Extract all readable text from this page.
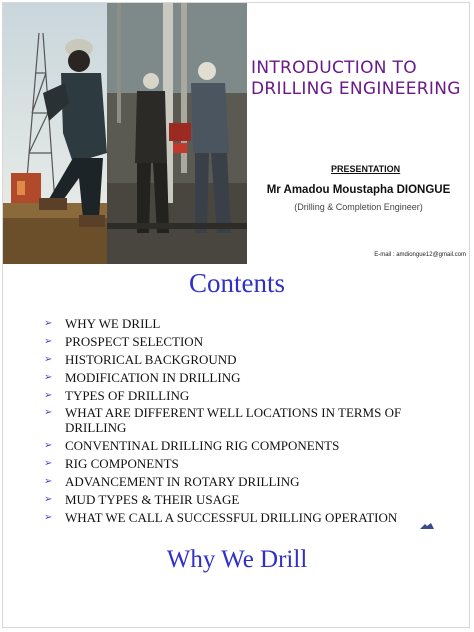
INTRODUCTION TO
DRILLING ENGINEERING
PRESENTATION
Mr Amadou Moustapha DIONGUE
(Drilling & Completion Engineer)
E-mail : amdiongue12@gmail.com
Contents
➢ WHY WE DRILL
➢ PROSPECT SELECTION
➢ HISTORICAL BACKGROUND
➢ MODIFICATION IN DRILLING
➢ TYPES OF DRILLING
➢ WHAT ARE DIFFERENT WELL LOCATIONS IN TERMS OF DRILLING
➢ CONVENTINAL DRILLING RIG COMPONENTS
➢ RIG COMPONENTS
➢ ADVANCEMENT IN ROTARY DRILLING
➢ MUD TYPES & THEIR USAGE
➢ WHAT WE CALL A SUCCESSFUL DRILLING OPERATION
Why We Drill
